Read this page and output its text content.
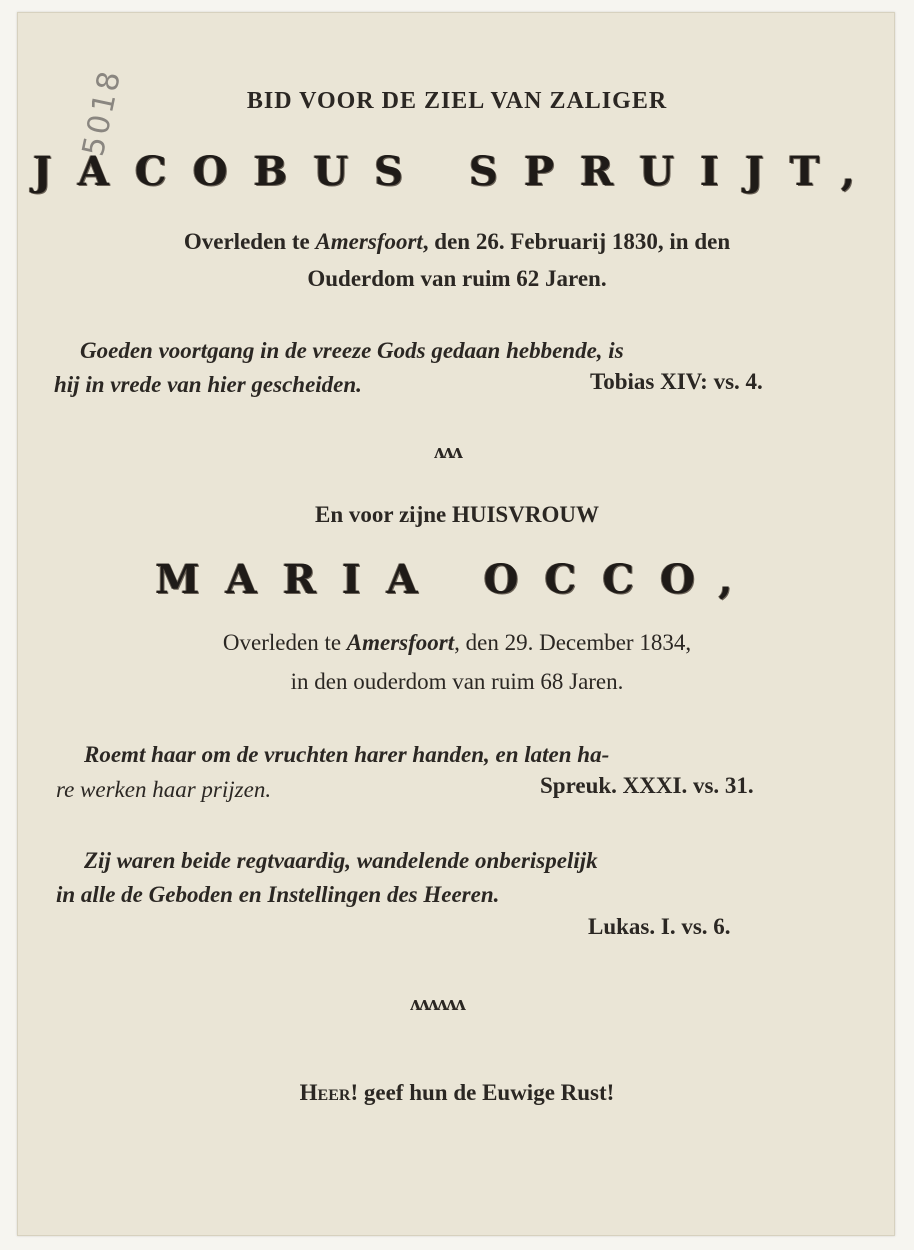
5018	BID VOOR DE ZIEL VAN ZALIGER
JACOBUS SPRUIJT,
Overleden te Amersfoort, den 26. Februarij 1830, in den
Ouderdom van ruim 62 Jaren.
Goeden voortgang in de vreeze Gods gedaan hebbende, is
hij in vrede van hier gescheiden.	Tobias XIV: vs. 4.
ʌʌʌ
En voor zijne HUISVROUW
MARIA OCCO,
Overleden te Amersfoort, den 29. December 1834,
in den ouderdom van ruim 68 Jaren.
Roemt haar om de vruchten harer handen, en laten ha-
re werken haar prijzen.	Spreuk. XXXI. vs. 31.
Zij waren beide regtvaardig, wandelende onberispelijk
in alle de Geboden en Instellingen des Heeren.
Lukas. I. vs. 6.
ʌʌʌʌʌʌ
Heer! geef hun de Euwige Rust!
